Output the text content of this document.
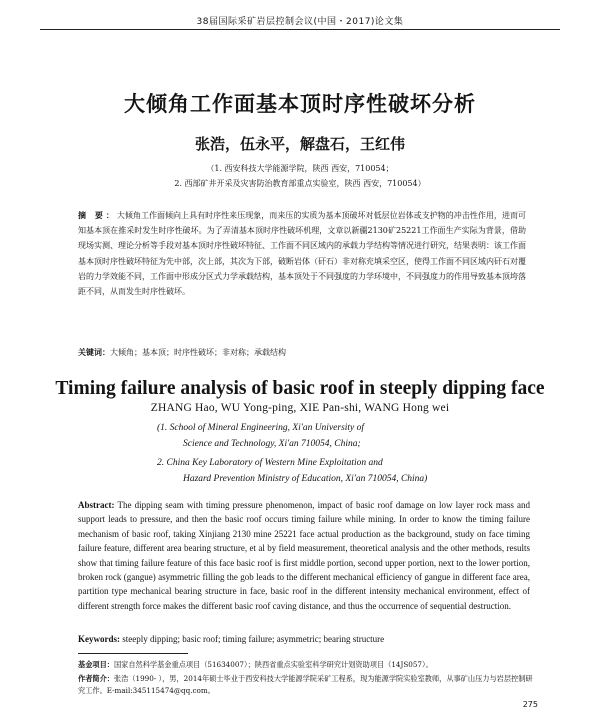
38届国际采矿岩层控制会议(中国・2017)论文集
大倾角工作面基本顶时序性破坏分析
张浩，伍永平，解盘石，王红伟
（1. 西安科技大学能源学院，陕西 西安，710054；
2. 西部矿井开采及灾害防治教育部重点实验室，陕西 西安，710054）

摘 要：大倾角工作面倾向上具有时序性来压现象，而来压的实质为基本顶破坏对低层位岩体或支护物的冲击性作用，进而可知基本顶在推采时发生时序性破坏。为了弄清基本顶时序性破坏机理，文章以新疆2130矿25221工作面生产实际为背景，借助现场实测、理论分析等手段对基本顶时序性破坏特征、工作面不同区域内的承载力学结构等情况进行研究，结果表明：该工作面基本顶时序性破坏特征为先中部，次上部，其次为下部，破断岩体（矸石）非对称充填采空区，使得工作面不同区域内矸石对覆岩的力学效能不同，工作面中形成分区式力学承载结构，基本顶处于不同强度的力学环境中，不同强度力的作用导致基本顶垮落距不同，从而发生时序性破坏。

关键词：大倾角；基本顶；时序性破坏；非对称；承载结构
Timing failure analysis of basic roof in steeply dipping face
ZHANG Hao, WU Yong-ping, XIE Pan-shi, WANG Hong wei
(1. School of Mineral Engineering, Xi'an University of
Science and Technology, Xi'an 710054, China;
2. China Key Laboratory of Western Mine Exploitation and
Hazard Prevention Ministry of Education, Xi'an 710054, China)

Abstract: The dipping seam with timing pressure phenomenon, impact of basic roof damage on low layer rock mass and support leads to pressure, and then the basic roof occurs timing failure while mining. In order to know the timing failure mechanism of basic roof, taking Xinjiang 2130 mine 25221 face actual production as the background, study on face timing failure feature, different area bearing structure, et al by field measurement, theoretical analysis and the other methods, results show that timing failure feature of this face basic roof is first middle portion, second upper portion, next to the lower portion, broken rock (gangue) asymmetric filling the gob leads to the different mechanical efficiency of gangue in different face area, partition type mechanical bearing structure in face, basic roof in the different intensity mechanical environment, effect of different strength force makes the different basic roof caving distance, and thus the occurrence of sequential destruction.

Keywords: steeply dipping; basic roof; timing failure; asymmetric; bearing structure

基金项目：国家自然科学基金重点项目（51634007）；陕西省重点实验室科学研究计划资助项目（14JS057）。

作者简介：张浩（1990- ），男，2014年硕士毕业于西安科技大学能源学院采矿工程系，现为能源学院实验室教师，从事矿山压力与岩层控制研究工作。E-mail:345115474@qq.com。

275
